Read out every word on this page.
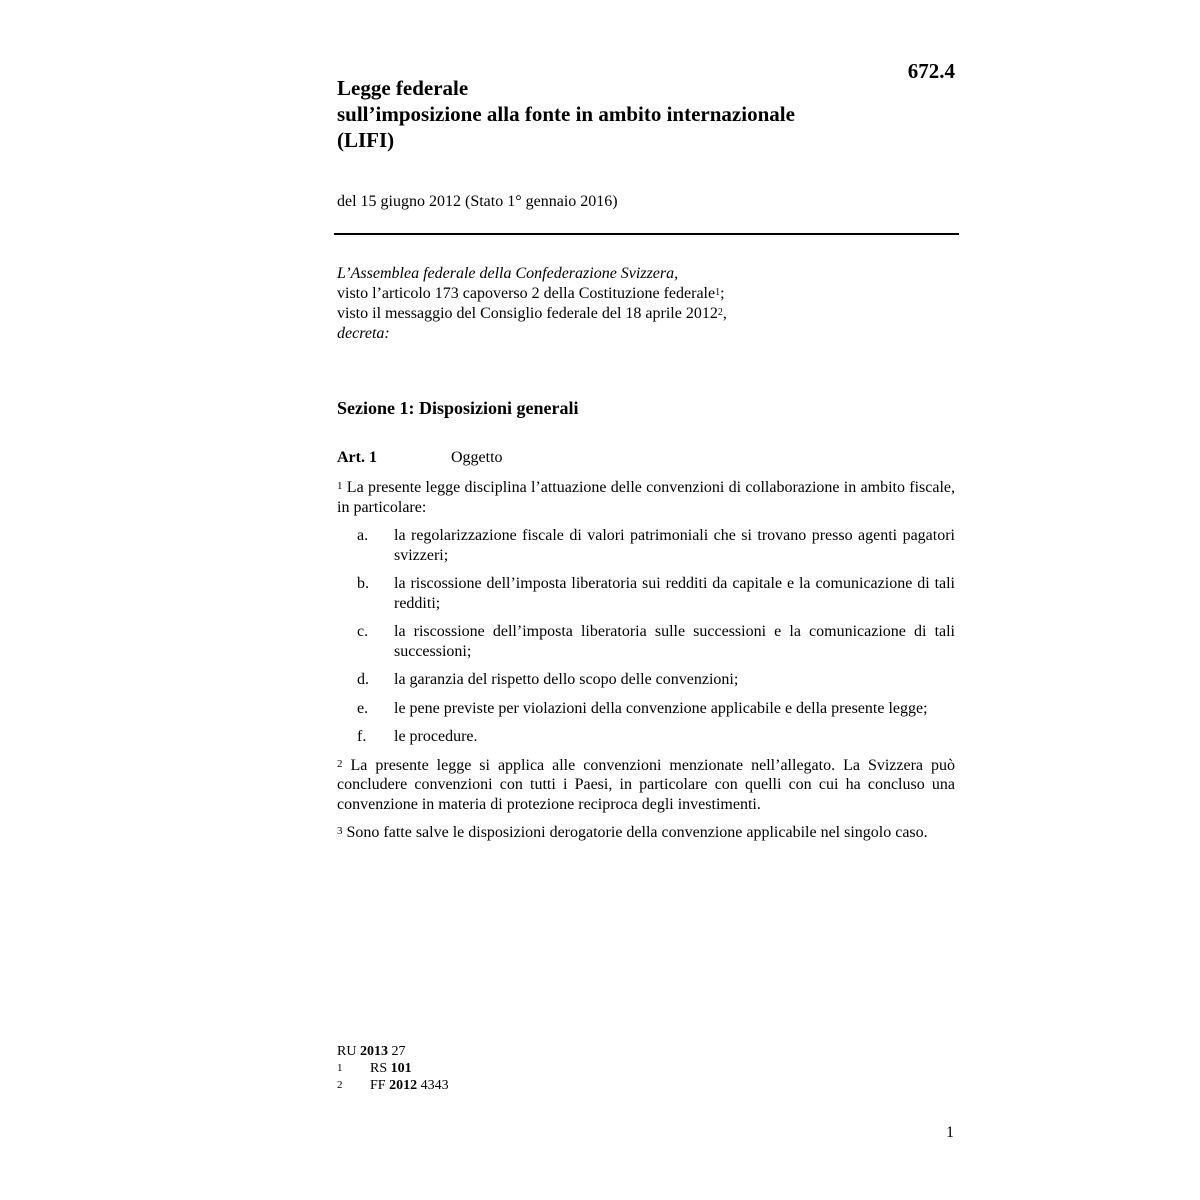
672.4
Legge federale
sull’imposizione alla fonte in ambito internazionale
(LIFI)
del 15 giugno 2012 (Stato 1° gennaio 2016)
L’Assemblea federale della Confederazione Svizzera,
visto l’articolo 173 capoverso 2 della Costituzione federale$^1$;
visto il messaggio del Consiglio federale del 18 aprile 2012$^2$,
decreta:
Sezione 1: Disposizioni generali
Art. 1	Oggetto
$^1$ La presente legge disciplina l’attuazione delle convenzioni di collaborazione in ambito fiscale, in particolare:
a. la regolarizzazione fiscale di valori patrimoniali che si trovano presso agenti pagatori svizzeri;
b. la riscossione dell’imposta liberatoria sui redditi da capitale e la comunicazione di tali redditi;
c. la riscossione dell’imposta liberatoria sulle successioni e la comunicazione di tali successioni;
d. la garanzia del rispetto dello scopo delle convenzioni;
e. le pene previste per violazioni della convenzione applicabile e della presente legge;
f. le procedure.
$^2$ La presente legge si applica alle convenzioni menzionate nell’allegato. La Svizzera può concludere convenzioni con tutti i Paesi, in particolare con quelli con cui ha concluso una convenzione in materia di protezione reciproca degli investimenti.
$^3$ Sono fatte salve le disposizioni derogatorie della convenzione applicabile nel singolo caso.
RU 2013 27
1 RS 101
2 FF 2012 4343
1
